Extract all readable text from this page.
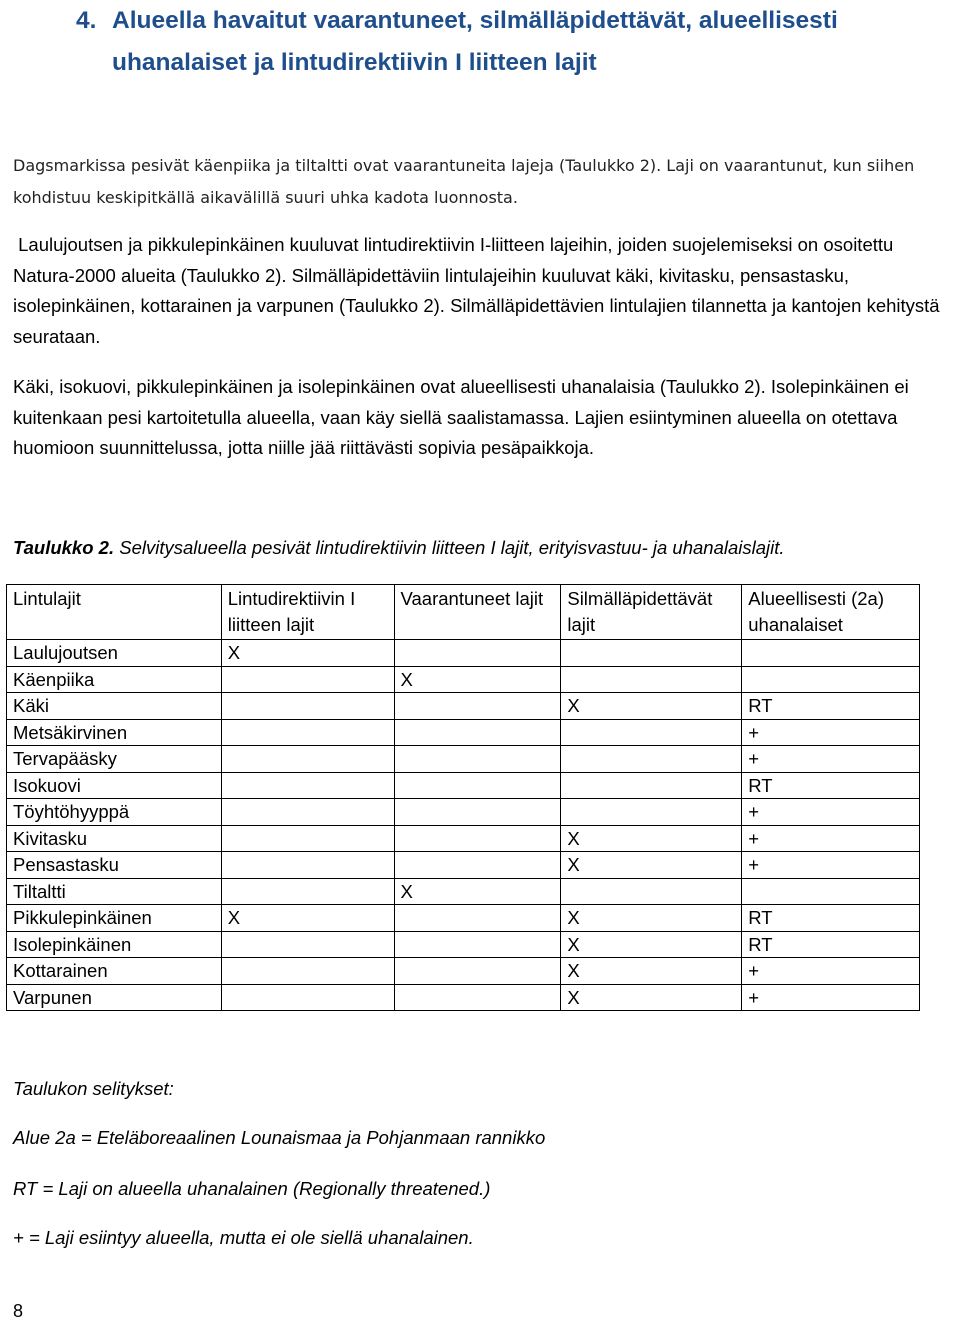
4. Alueella havaitut vaarantuneet, silmälläpidettävät, alueellisesti
uhanalaiset ja lintudirektiivin I liitteen lajit
Dagsmarkissa pesivät käenpiika ja tiltaltti ovat vaarantuneita lajeja (Taulukko 2). Laji on vaarantunut, kun siihen kohdistuu keskipitkällä aikavälillä suuri uhka kadota luonnosta.
Laulujoutsen ja pikkulepinkäinen kuuluvat lintudirektiivin I-liitteen lajeihin, joiden suojelemiseksi on osoitettu Natura-2000 alueita (Taulukko 2). Silmälläpidettäviin lintulajeihin kuuluvat käki, kivitasku, pensastasku, isolepinkäinen, kottarainen ja varpunen (Taulukko 2). Silmälläpidettävien lintulajien tilannetta ja kantojen kehitystä seurataan.
Käki, isokuovi, pikkulepinkäinen ja isolepinkäinen ovat alueellisesti uhanalaisia (Taulukko 2). Isolepinkäinen ei kuitenkaan pesi kartoitetulla alueella, vaan käy siellä saalistamassa. Lajien esiintyminen alueella on otettava huomioon suunnittelussa, jotta niille jää riittävästi sopivia pesäpaikkoja.
Taulukko 2. Selvitysalueella pesivät lintudirektiivin liitteen I lajit, erityisvastuu- ja uhanalaislajit.
Lintulajit	Lintudirektiivin I liitteen lajit	Vaarantuneet lajit	Silmälläpidettävät lajit	Alueellisesti (2a) uhanalaiset
Laulujoutsen	X			
Käenpiika		X		
Käki			X	RT
Metsäkirvinen				+
Tervapääsky				+
Isokuovi				RT
Töyhtöhyyppä				+
Kivitasku			X	+
Pensastasku			X	+
Tiltaltti		X		
Pikkulepinkäinen	X		X	RT
Isolepinkäinen			X	RT
Kottarainen			X	+
Varpunen			X	+
Taulukon selitykset:
Alue 2a = Eteläboreaalinen Lounaismaa ja Pohjanmaan rannikko
RT = Laji on alueella uhanalainen (Regionally threatened.)
+ = Laji esiintyy alueella, mutta ei ole siellä uhanalainen.
8
